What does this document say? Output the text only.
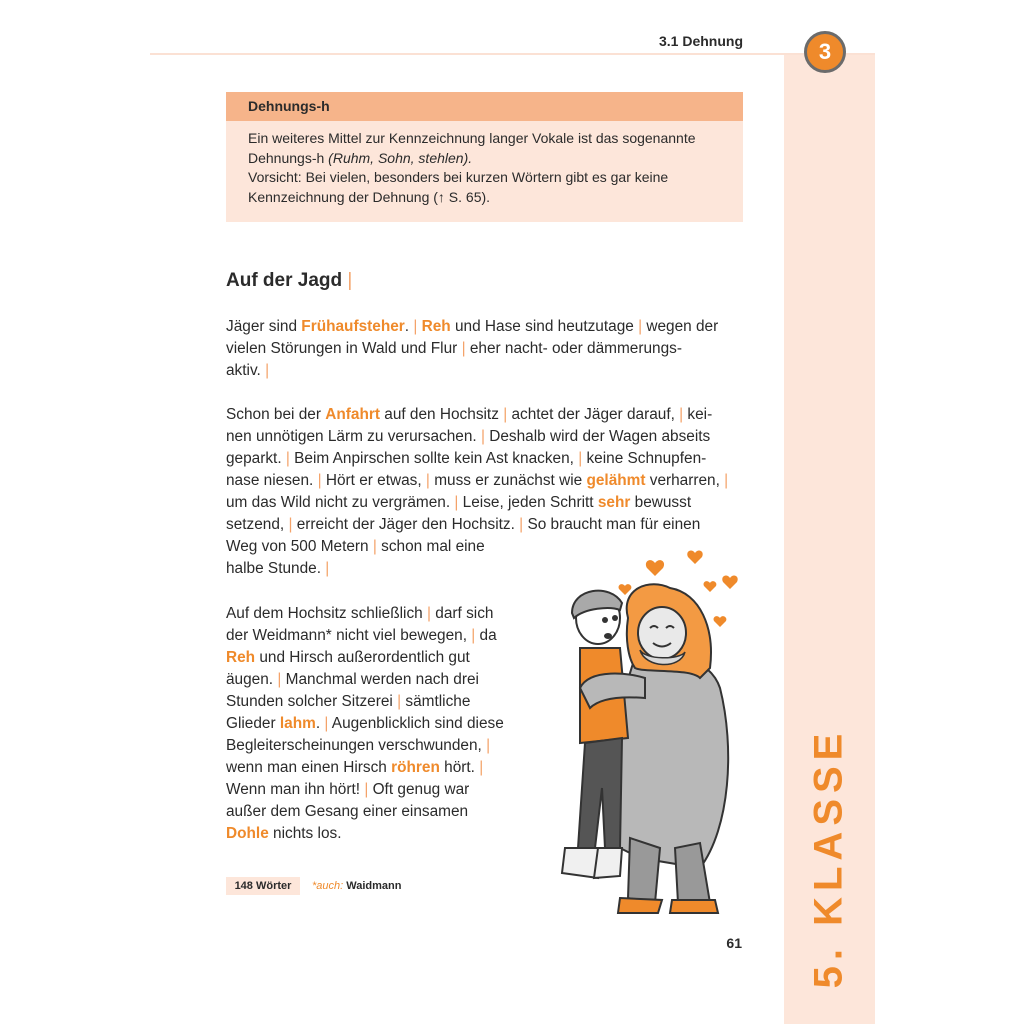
3.1 Dehnung	3
5. KLASSE
Dehnungs-h
Ein weiteres Mittel zur Kennzeichnung langer Vokale ist das sogenannte
Dehnungs-h (Ruhm, Sohn, stehlen).
Vorsicht: Bei vielen, besonders bei kurzen Wörtern gibt es gar keine
Kennzeichnung der Dehnung (↑ S. 65).
Auf der Jagd |

Jäger sind Frühaufsteher. | Reh und Hase sind heutzutage | wegen der
vielen Störungen in Wald und Flur | eher nacht- oder dämmerungs-
aktiv. |

Schon bei der Anfahrt auf den Hochsitz | achtet der Jäger darauf, | kei-
nen unnötigen Lärm zu verursachen. | Deshalb wird der Wagen abseits
geparkt. | Beim Anpirschen sollte kein Ast knacken, | keine Schnupfen-
nase niesen. | Hört er etwas, | muss er zunächst wie gelähmt verharren, |
um das Wild nicht zu vergrämen. | Leise, jeden Schritt sehr bewusst
setzend, | erreicht der Jäger den Hochsitz. | So braucht man für einen
Weg von 500 Metern | schon mal eine
halbe Stunde. |

Auf dem Hochsitz schließlich | darf sich
der Weidmann* nicht viel bewegen, | da
Reh und Hirsch außerordentlich gut
äugen. | Manchmal werden nach drei
Stunden solcher Sitzerei | sämtliche
Glieder lahm. | Augenblicklich sind diese
Begleiterscheinungen verschwunden, |
wenn man einen Hirsch röhren hört. |
Wenn man ihn hört! | Oft genug war
außer dem Gesang einer einsamen
Dohle nichts los.

148 Wörter	*auch: Waidmann
61
